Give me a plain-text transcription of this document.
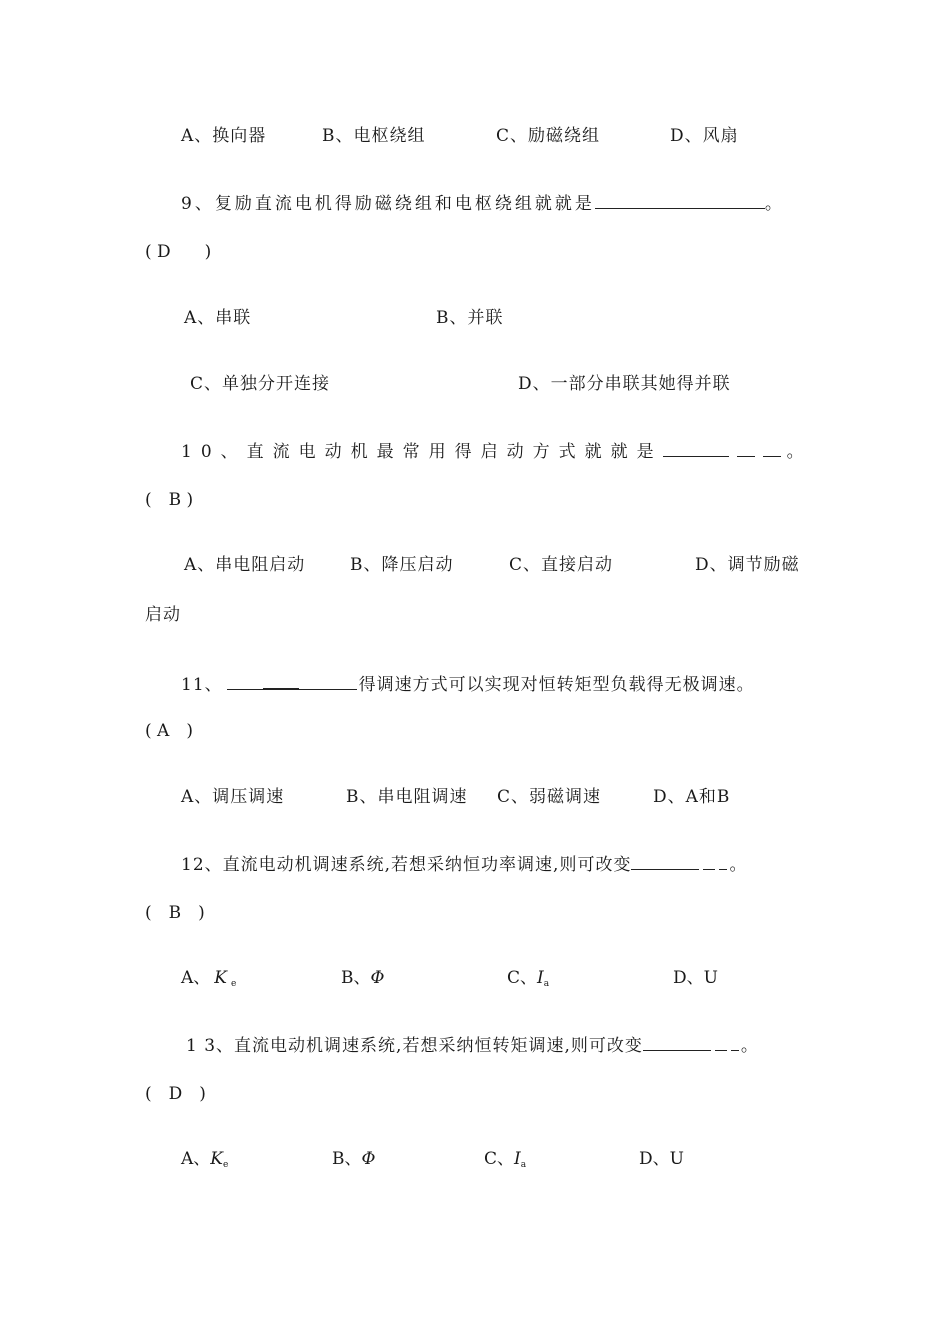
A、换向器	B、电枢绕组	C、励磁绕组	D、风扇
9、复励直流电机得励磁绕组和电枢绕组就就是	。
( D　　)
A、串联	B、并联
C、单独分开连接	D、一部分串联其她得并联
10、直流电动机最常用得启动方式就就是	。
(　B )
A、串电阻启动	B、降压启动	C、直接启动	D、调节励磁
启动
11、	得调速方式可以实现对恒转矩型负载得无极调速。
( A　)
A、调压调速	B、串电阻调速 C、弱磁调速	D、A和B
12、直流电动机调速系统,若想采纳恒功率调速,则可改变	。
(　B　)
A、 K $_e$	B、Φ	C、$I_a$	D、U
1 3、直流电动机调速系统,若想采纳恒转矩调速,则可改变	。
(　D　)
A、$K_e$	B、Φ	C、$I_a$	D、U
